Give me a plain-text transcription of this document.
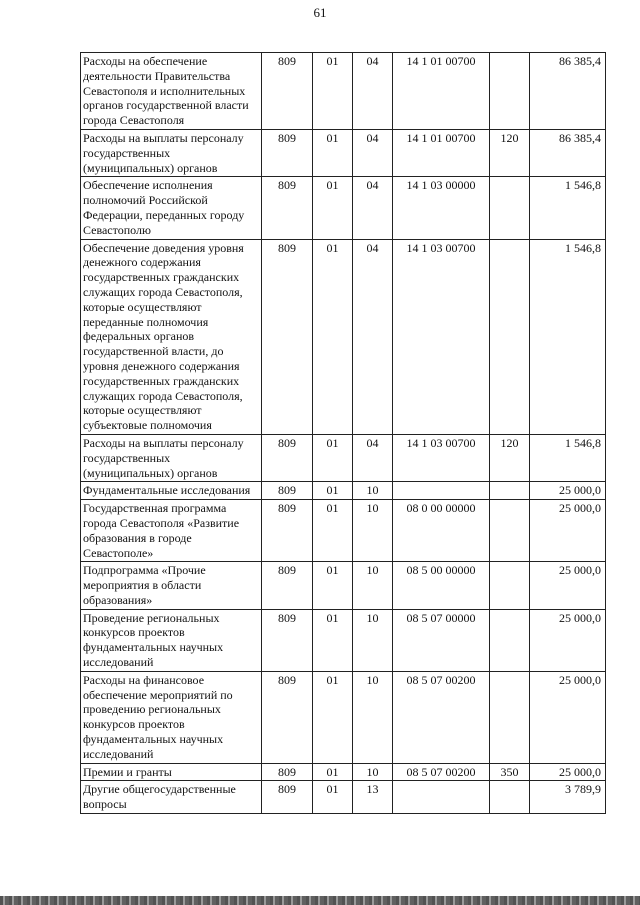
61
Расходы на обеспечение деятельности Правительства Севастополя и исполнительных органов государственной власти города Севастополя	809	01	04	14 1 01 00700		86 385,4
Расходы на выплаты персоналу государственных (муниципальных) органов	809	01	04	14 1 01 00700	120	86 385,4
Обеспечение исполнения полномочий Российской Федерации, переданных городу Севастополю	809	01	04	14 1 03 00000		1 546,8
Обеспечение доведения уровня денежного содержания государственных гражданских служащих города Севастополя, которые осуществляют переданные полномочия федеральных органов государственной власти, до уровня денежного содержания государственных гражданских служащих города Севастополя, которые осуществляют субъектовые полномочия	809	01	04	14 1 03 00700		1 546,8
Расходы на выплаты персоналу государственных (муниципальных) органов	809	01	04	14 1 03 00700	120	1 546,8
Фундаментальные исследования	809	01	10			25 000,0
Государственная программа города Севастополя «Развитие образования в городе Севастополе»	809	01	10	08 0 00 00000		25 000,0
Подпрограмма «Прочие мероприятия в области образования»	809	01	10	08 5 00 00000		25 000,0
Проведение региональных конкурсов проектов фундаментальных научных исследований	809	01	10	08 5 07 00000		25 000,0
Расходы на финансовое обеспечение мероприятий по проведению региональных конкурсов проектов фундаментальных научных исследований	809	01	10	08 5 07 00200		25 000,0
Премии и гранты	809	01	10	08 5 07 00200	350	25 000,0
Другие общегосударственные вопросы	809	01	13			3 789,9
